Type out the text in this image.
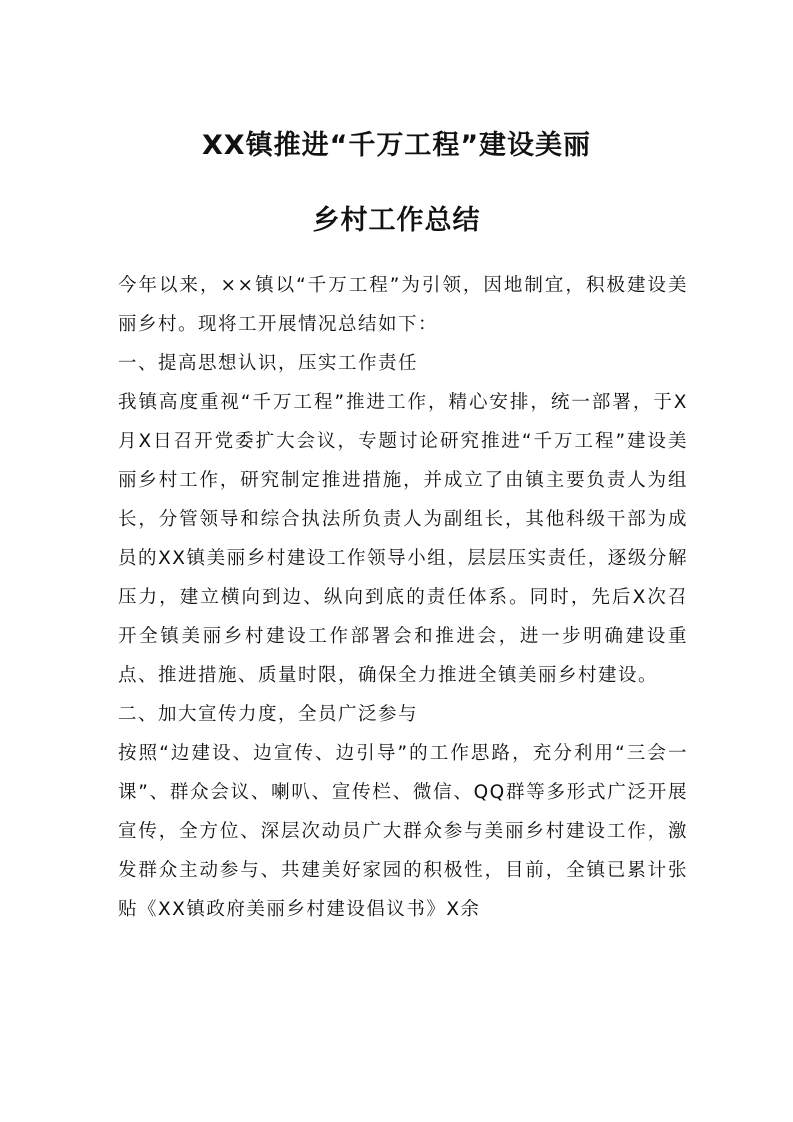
XX镇推进“千万工程”建设美丽
乡村工作总结

今年以来，××镇以“千万工程”为引领，因地制宜，积极建设美丽乡村。现将工开展情况总结如下：

一、提高思想认识，压实工作责任

我镇高度重视“千万工程”推进工作，精心安排，统一部署，于X月X日召开党委扩大会议，专题讨论研究推进“千万工程”建设美丽乡村工作，研究制定推进措施，并成立了由镇主要负责人为组长，分管领导和综合执法所负责人为副组长，其他科级干部为成员的XX镇美丽乡村建设工作领导小组，层层压实责任，逐级分解压力，建立横向到边、纵向到底的责任体系。同时，先后X次召开全镇美丽乡村建设工作部署会和推进会，进一步明确建设重点、推进措施、质量时限，确保全力推进全镇美丽乡村建设。

二、加大宣传力度，全员广泛参与

按照“边建设、边宣传、边引导”的工作思路，充分利用“三会一课”、群众会议、喇叭、宣传栏、微信、QQ群等多形式广泛开展宣传，全方位、深层次动员广大群众参与美丽乡村建设工作，激发群众主动参与、共建美好家园的积极性，目前，全镇已累计张贴《XX镇政府美丽乡村建设倡议书》X余
